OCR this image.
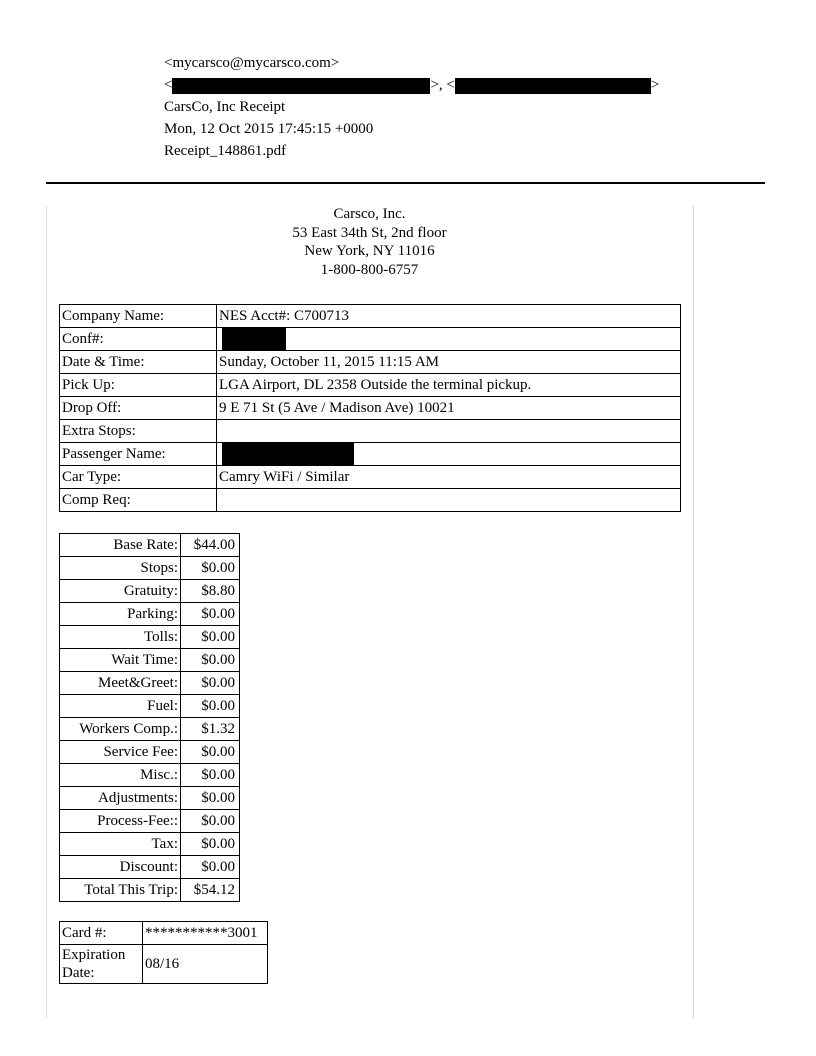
<mycarsco@mycarsco.com>
<	>, <	>
CarsCo, Inc Receipt
Mon, 12 Oct 2015 17:45:15 +0000
Receipt_148861.pdf
Carsco, Inc.
53 East 34th St, 2nd floor
New York, NY 11016
1-800-800-6757
Company Name:	NES Acct#: C700713
Conf#:	
Date & Time:	Sunday, October 11, 2015 11:15 AM
Pick Up:	LGA Airport, DL 2358 Outside the terminal pickup.
Drop Off:	9 E 71 St (5 Ave / Madison Ave) 10021
Extra Stops:	
Passenger Name:	
Car Type:	Camry WiFi / Similar
Comp Req:	
Base Rate:	$44.00
Stops:	$0.00
Gratuity:	$8.80
Parking:	$0.00
Tolls:	$0.00
Wait Time:	$0.00
Meet&Greet:	$0.00
Fuel:	$0.00
Workers Comp.:	$1.32
Service Fee:	$0.00
Misc.:	$0.00
Adjustments:	$0.00
Process-Fee::	$0.00
Tax:	$0.00
Discount:	$0.00
Total This Trip:	$54.12
Card #:	***********3001

Expiration
Date:	08/16
